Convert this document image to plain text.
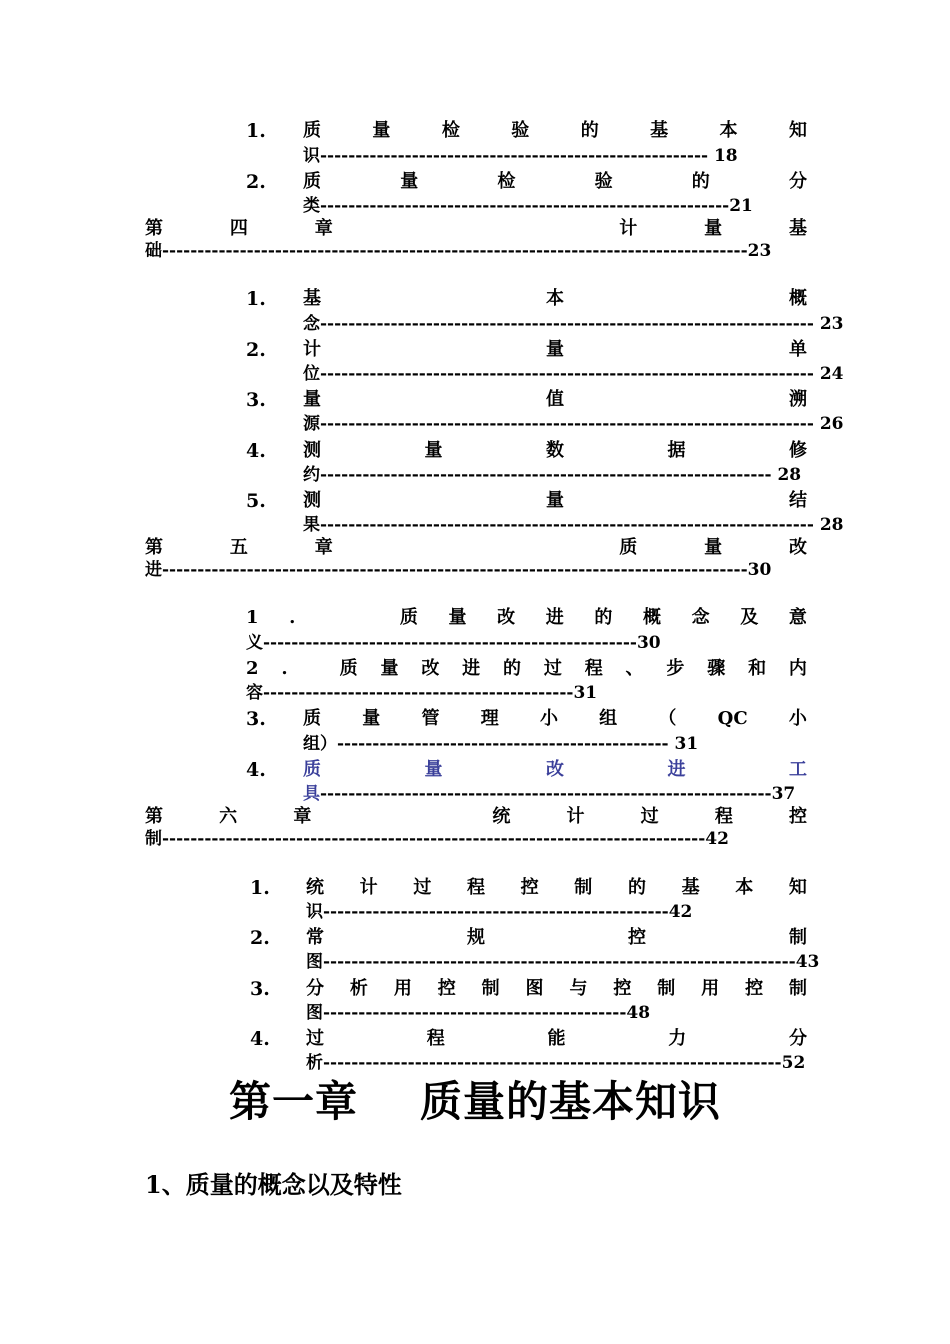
1. 质	量	检	验	的	基	本	知
识------------------------------------------------------- 18
2. 质	量	检	验	的	分
类----------------------------------------------------------21
第	四	章

	计	量	基
础-----------------------------------------------------------------------------------23
1. 基	本	概
念---------------------------------------------------------------------- 23
2. 计	量	单
位---------------------------------------------------------------------- 24
3. 量	值	溯
源---------------------------------------------------------------------- 26
4. 测	量	数	据	修
约---------------------------------------------------------------- 28
5. 测	量	结
果---------------------------------------------------------------------- 28
第	五	章

	质	量	改
进-----------------------------------------------------------------------------------30
1 .

	质 量 改 进 的 概 念 及 意
义-----------------------------------------------------30
2 .
	质 量 改 进 的 过 程 、 步 骤 和 内
容--------------------------------------------31
3. 质 量 管 理 小 组 （ QC 小
组）----------------------------------------------- 31
4. 质	量	改	进	工
具----------------------------------------------------------------37
第	六	章

	统	计	过	程	控
制-----------------------------------------------------------------------------42
1. 统 计 过 程 控 制 的 基 本 知
识-------------------------------------------------42
2. 常	规	控	制
图-------------------------------------------------------------------43
3. 分 析 用 控 制 图 与 控 制 用 控 制
图-------------------------------------------48
4. 过	程	能	力	分
析-----------------------------------------------------------------52
第一章 质量的基本知识
1、质量的概念以及特性
